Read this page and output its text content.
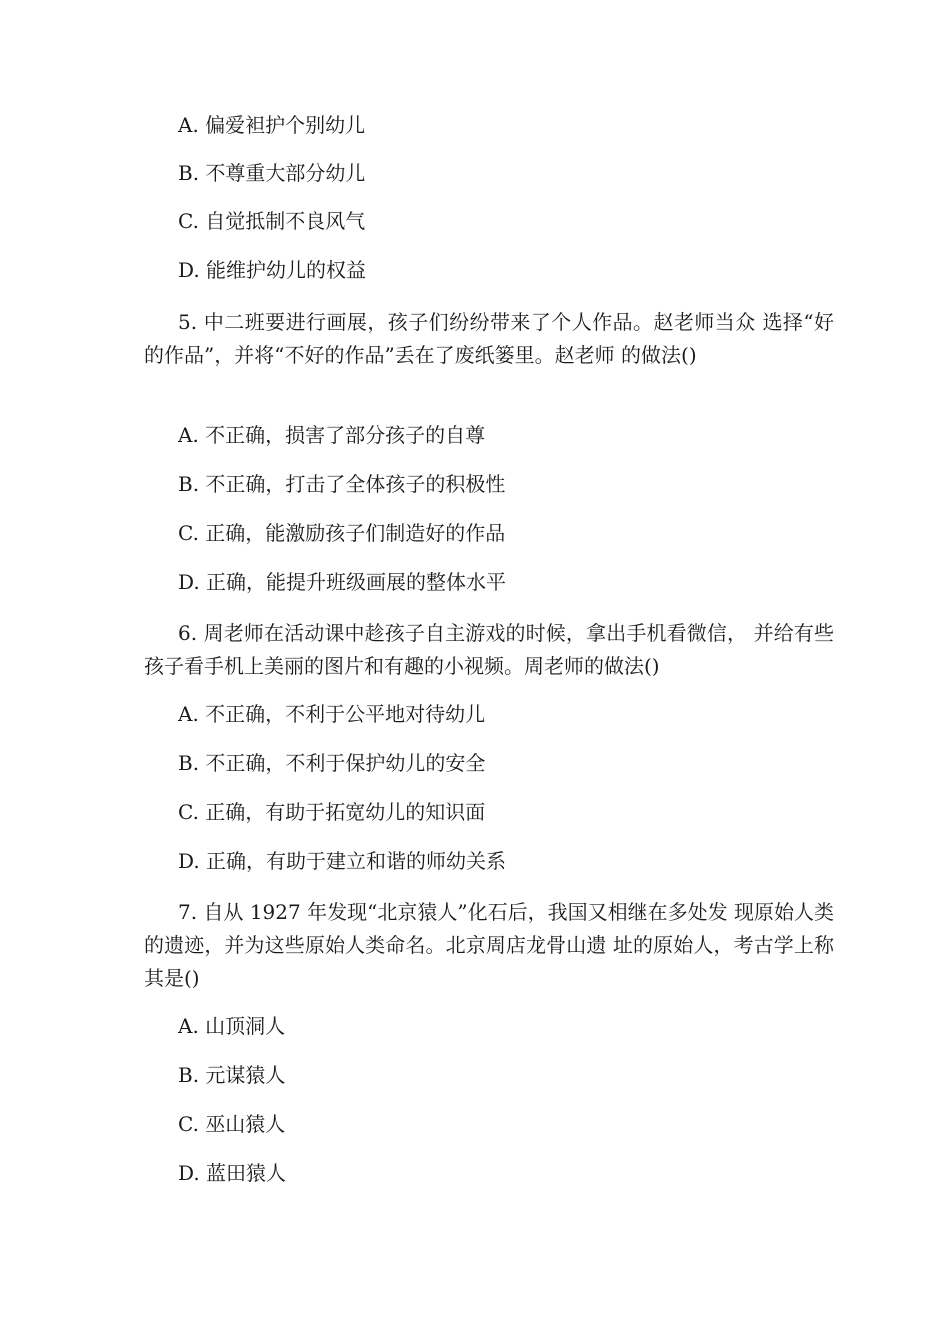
A. 偏爱袒护个别幼儿
B. 不尊重大部分幼儿
C. 自觉抵制不良风气
D. 能维护幼儿的权益
5. 中二班要进行画展，孩子们纷纷带来了个人作品。赵老师当众 选择“好的作品”，并将“不好的作品”丢在了废纸篓里。赵老师 的做法()
A. 不正确，损害了部分孩子的自尊
B. 不正确，打击了全体孩子的积极性
C. 正确，能激励孩子们制造好的作品
D. 正确，能提升班级画展的整体水平
6. 周老师在活动课中趁孩子自主游戏的时候，拿出手机看微信， 并给有些孩子看手机上美丽的图片和有趣的小视频。周老师的做法()
A. 不正确，不利于公平地对待幼儿
B. 不正确，不利于保护幼儿的安全
C. 正确，有助于拓宽幼儿的知识面
D. 正确，有助于建立和谐的师幼关系
7. 自从 1927 年发现“北京猿人”化石后，我国又相继在多处发 现原始人类的遗迹，并为这些原始人类命名。北京周店龙骨山遗 址的原始人，考古学上称其是()
A. 山顶洞人
B. 元谋猿人
C. 巫山猿人
D. 蓝田猿人
